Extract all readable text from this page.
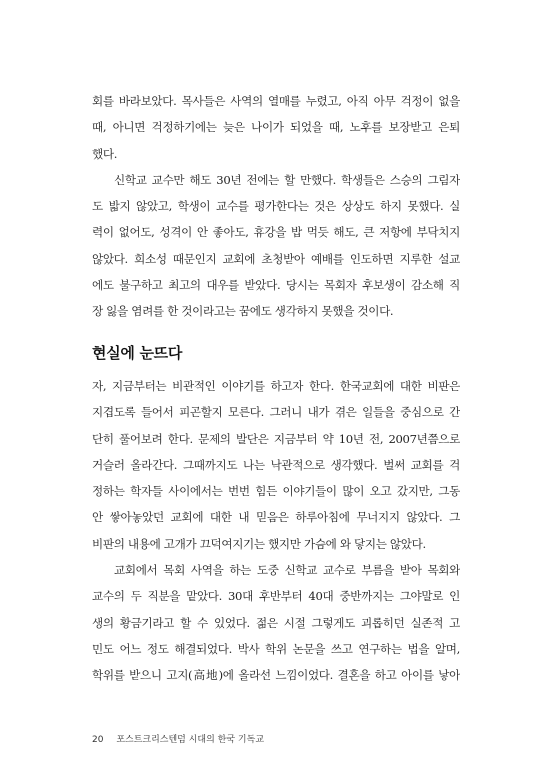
회를 바라보았다. 목사들은 사역의 열매를 누렸고, 아직 아무 걱정이 없을
때, 아니면 걱정하기에는 늦은 나이가 되었을 때, 노후를 보장받고 은퇴
했다.
신학교 교수만 해도 30년 전에는 할 만했다. 학생들은 스승의 그림자
도 밟지 않았고, 학생이 교수를 평가한다는 것은 상상도 하지 못했다. 실
력이 없어도, 성격이 안 좋아도, 휴강을 밥 먹듯 해도, 큰 저항에 부닥치지
않았다. 희소성 때문인지 교회에 초청받아 예배를 인도하면 지루한 설교
에도 불구하고 최고의 대우를 받았다. 당시는 목회자 후보생이 감소해 직
장 잃을 염려를 한 것이라고는 꿈에도 생각하지 못했을 것이다.
현실에 눈뜨다
자, 지금부터는 비관적인 이야기를 하고자 한다. 한국교회에 대한 비판은
지겹도록 들어서 피곤할지 모른다. 그러니 내가 겪은 일들을 중심으로 간
단히 풀어보려 한다. 문제의 발단은 지금부터 약 10년 전, 2007년쯤으로
거슬러 올라간다. 그때까지도 나는 낙관적으로 생각했다. 벌써 교회를 걱
정하는 학자들 사이에서는 번번 힘든 이야기들이 많이 오고 갔지만, 그동
안 쌓아놓았던 교회에 대한 내 믿음은 하루아침에 무너지지 않았다. 그
비판의 내용에 고개가 끄덕여지기는 했지만 가슴에 와 닿지는 않았다.
교회에서 목회 사역을 하는 도중 신학교 교수로 부름을 받아 목회와
교수의 두 직분을 맡았다. 30대 후반부터 40대 중반까지는 그야말로 인
생의 황금기라고 할 수 있었다. 젊은 시절 그렇게도 괴롭히던 실존적 고
민도 어느 정도 해결되었다. 박사 학위 논문을 쓰고 연구하는 법을 알며,
학위를 받으니 고지(高地)에 올라선 느낌이었다. 결혼을 하고 아이를 낳아
20 포스트크리스텐덤 시대의 한국 기독교
